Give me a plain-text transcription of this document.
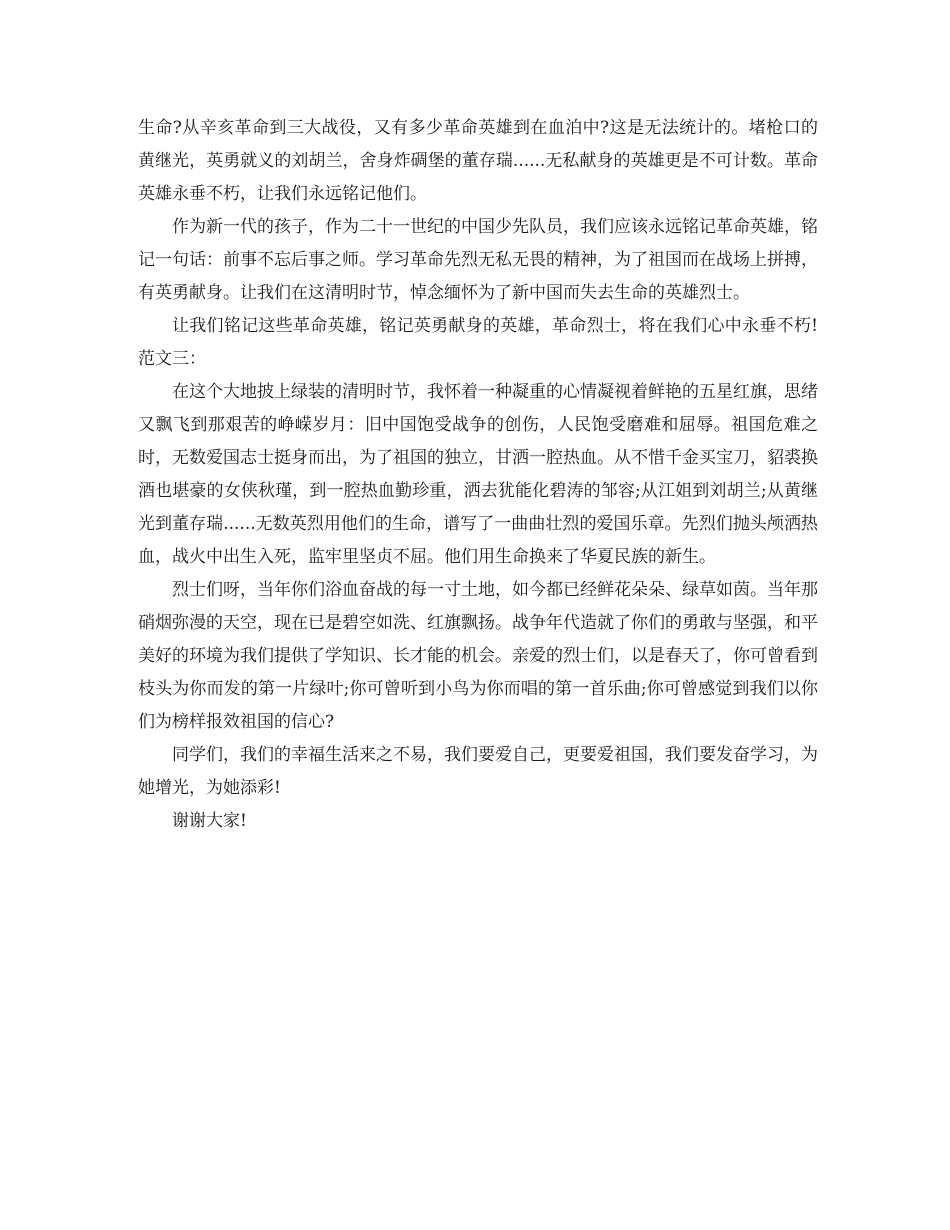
生命?从辛亥革命到三大战役，又有多少革命英雄到在血泊中?这是无法统计的。堵枪口的黄继光，英勇就义的刘胡兰，舍身炸碉堡的董存瑞......无私献身的英雄更是不可计数。革命英雄永垂不朽，让我们永远铭记他们。

作为新一代的孩子，作为二十一世纪的中国少先队员，我们应该永远铭记革命英雄，铭记一句话：前事不忘后事之师。学习革命先烈无私无畏的精神，为了祖国而在战场上拼搏，有英勇献身。让我们在这清明时节，悼念缅怀为了新中国而失去生命的英雄烈士。

让我们铭记这些革命英雄，铭记英勇献身的英雄，革命烈士，将在我们心中永垂不朽!范文三：

在这个大地披上绿装的清明时节，我怀着一种凝重的心情凝视着鲜艳的五星红旗，思绪又飘飞到那艰苦的峥嵘岁月：旧中国饱受战争的创伤，人民饱受磨难和屈辱。祖国危难之时，无数爱国志士挺身而出，为了祖国的独立，甘洒一腔热血。从不惜千金买宝刀，貂裘换酒也堪豪的女侠秋瑾，到一腔热血勤珍重，洒去犹能化碧涛的邹容;从江姐到刘胡兰;从黄继光到董存瑞......无数英烈用他们的生命，谱写了一曲曲壮烈的爱国乐章。先烈们抛头颅洒热血，战火中出生入死，监牢里坚贞不屈。他们用生命换来了华夏民族的新生。

烈士们呀，当年你们浴血奋战的每一寸土地，如今都已经鲜花朵朵、绿草如茵。当年那硝烟弥漫的天空，现在已是碧空如洗、红旗飘扬。战争年代造就了你们的勇敢与坚强，和平美好的环境为我们提供了学知识、长才能的机会。亲爱的烈士们，以是春天了，你可曾看到枝头为你而发的第一片绿叶;你可曾听到小鸟为你而唱的第一首乐曲;你可曾感觉到我们以你们为榜样报效祖国的信心?

同学们，我们的幸福生活来之不易，我们要爱自己，更要爱祖国，我们要发奋学习，为她增光，为她添彩!

谢谢大家!
